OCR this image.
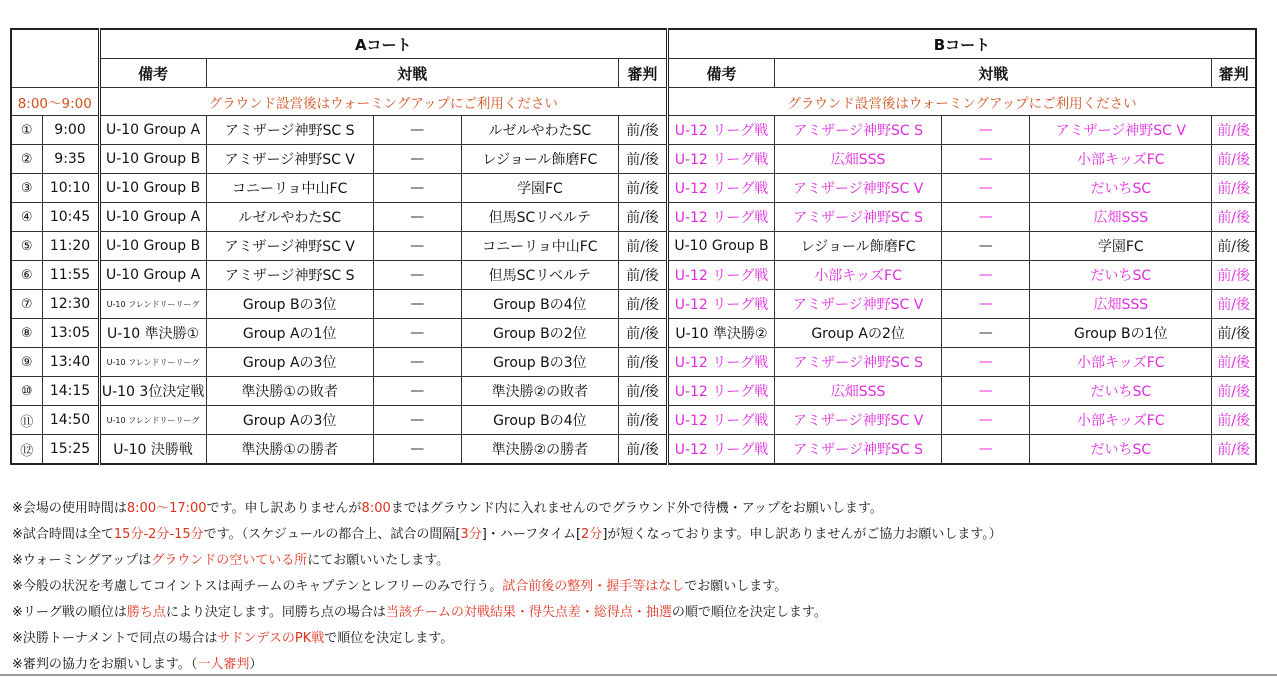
		Aコート					Bコート				
		備考	対戦			審判	備考	対戦			審判
8:00～9:00		グラウンド設営後はウォーミングアップにご利用ください					グラウンド設営後はウォーミングアップにご利用ください				
①	9:00	U-10 Group A	アミザージ神野SC S	—	ルゼルやわたSC	前/後	U-12 リーグ戦	アミザージ神野SC S	—	アミザージ神野SC V	前/後
②	9:35	U-10 Group B	アミザージ神野SC V	—	レジョール飾磨FC	前/後	U-12 リーグ戦	広畑SSS	—	小部キッズFC	前/後
③	10:10	U-10 Group B	コニーリョ中山FC	—	学園FC	前/後	U-12 リーグ戦	アミザージ神野SC V	—	だいちSC	前/後
④	10:45	U-10 Group A	ルゼルやわたSC	—	但馬SCリベルテ	前/後	U-12 リーグ戦	アミザージ神野SC S	—	広畑SSS	前/後
⑤	11:20	U-10 Group B	アミザージ神野SC V	—	コニーリョ中山FC	前/後	U-10 Group B	レジョール飾磨FC	—	学園FC	前/後
⑥	11:55	U-10 Group A	アミザージ神野SC S	—	但馬SCリベルテ	前/後	U-12 リーグ戦	小部キッズFC	—	だいちSC	前/後
⑦	12:30	U-10 フレンドリーリーグ	Group Bの3位	—	Group Bの4位	前/後	U-12 リーグ戦	アミザージ神野SC V	—	広畑SSS	前/後
⑧	13:05	U-10 準決勝①	Group Aの1位	—	Group Bの2位	前/後	U-10 準決勝②	Group Aの2位	—	Group Bの1位	前/後
⑨	13:40	U-10 フレンドリーリーグ	Group Aの3位	—	Group Bの3位	前/後	U-12 リーグ戦	アミザージ神野SC S	—	小部キッズFC	前/後
⑩	14:15	U-10 3位決定戦	準決勝①の敗者	—	準決勝②の敗者	前/後	U-12 リーグ戦	広畑SSS	—	だいちSC	前/後
⑪	14:50	U-10 フレンドリーリーグ	Group Aの3位	—	Group Bの4位	前/後	U-12 リーグ戦	アミザージ神野SC V	—	小部キッズFC	前/後
⑫	15:25	U-10 決勝戦	準決勝①の勝者	—	準決勝②の勝者	前/後	U-12 リーグ戦	アミザージ神野SC S	—	だいちSC	前/後
※会場の使用時間は8:00～17:00です。申し訳ありませんが8:00まではグラウンド内に入れませんのでグラウンド外で待機・アップをお願いします。
※試合時間は全て15分-2分-15分です。（スケジュールの都合上、試合の間隔[3分]・ハーフタイム[2分]が短くなっております。申し訳ありませんがご協力お願いします。）
※ウォーミングアップはグラウンドの空いている所にてお願いいたします。
※今般の状況を考慮してコイントスは両チームのキャプテンとレフリーのみで行う。試合前後の整列・握手等はなしでお願いします。
※リーグ戦の順位は勝ち点により決定します。同勝ち点の場合は当該チームの対戦結果・得失点差・総得点・抽選の順で順位を決定します。
※決勝トーナメントで同点の場合はサドンデスのPK戦で順位を決定します。
※審判の協力をお願いします。（一人審判）
